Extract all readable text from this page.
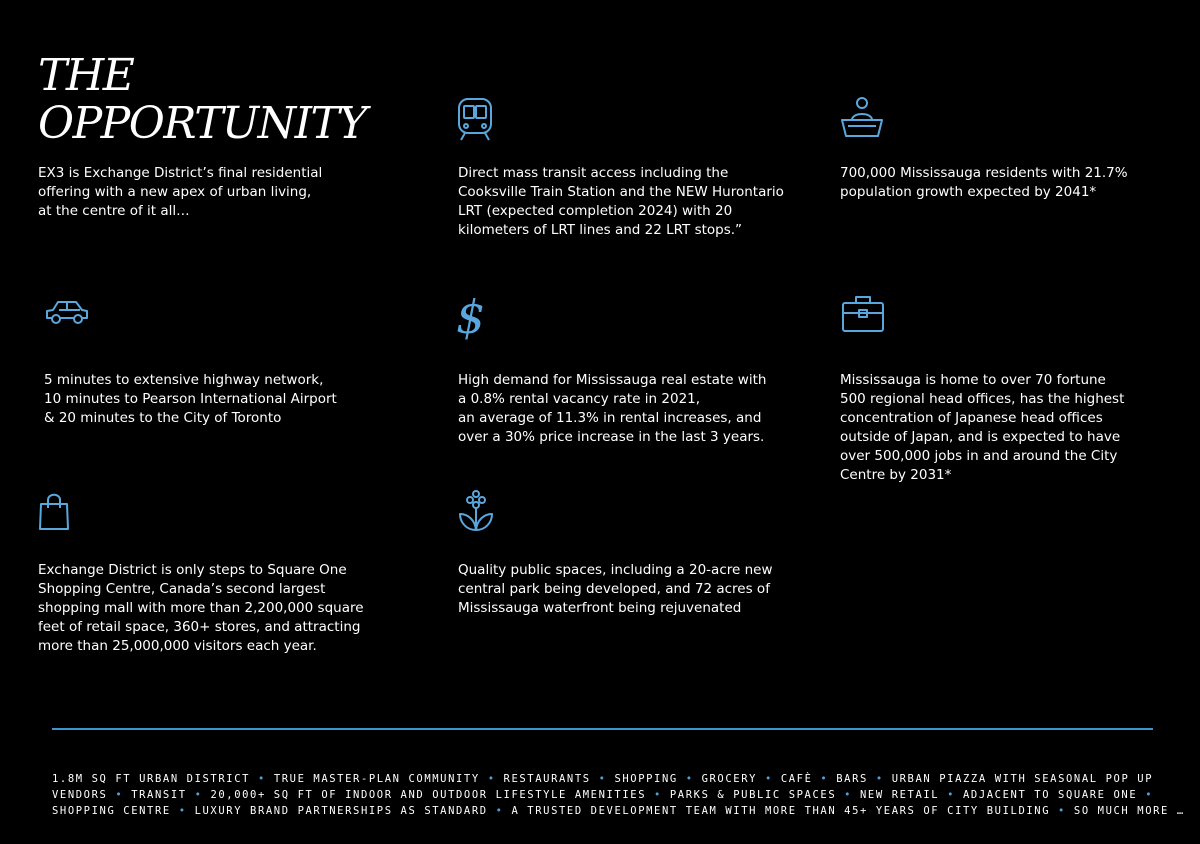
THE
OPPORTUNITY
EX3 is Exchange District’s final residential
offering with a new apex of urban living,
at the centre of it all…
Direct mass transit access including the
Cooksville Train Station and the NEW Hurontario
LRT (expected completion 2024) with 20
kilometers of LRT lines and 22 LRT stops.”
700,000 Mississauga residents with 21.7%
population growth expected by 2041*
5 minutes to extensive highway network,
10 minutes to Pearson International Airport
& 20 minutes to the City of Toronto
$
High demand for Mississauga real estate with
a 0.8% rental vacancy rate in 2021,
an average of 11.3% in rental increases, and
over a 30% price increase in the last 3 years.
Mississauga is home to over 70 fortune
500 regional head offices, has the highest
concentration of Japanese head offices
outside of Japan, and is expected to have
over 500,000 jobs in and around the City
Centre by 2031*
Exchange District is only steps to Square One
Shopping Centre, Canada’s second largest
shopping mall with more than 2,200,000 square
feet of retail space, 360+ stores, and attracting
more than 25,000,000 visitors each year.
Quality public spaces, including a 20-acre new
central park being developed, and 72 acres of
Mississauga waterfront being rejuvenated
1.8M SQ FT URBAN DISTRICT • TRUE MASTER-PLAN COMMUNITY • RESTAURANTS • SHOPPING • GROCERY • CAFÈ • BARS • URBAN PIAZZA WITH SEASONAL POP UP
VENDORS • TRANSIT • 20,000+ SQ FT OF INDOOR AND OUTDOOR LIFESTYLE AMENITIES • PARKS & PUBLIC SPACES • NEW RETAIL • ADJACENT TO SQUARE ONE •
SHOPPING CENTRE • LUXURY BRAND PARTNERSHIPS AS STANDARD • A TRUSTED DEVELOPMENT TEAM WITH MORE THAN 45+ YEARS OF CITY BUILDING • SO MUCH MORE …
